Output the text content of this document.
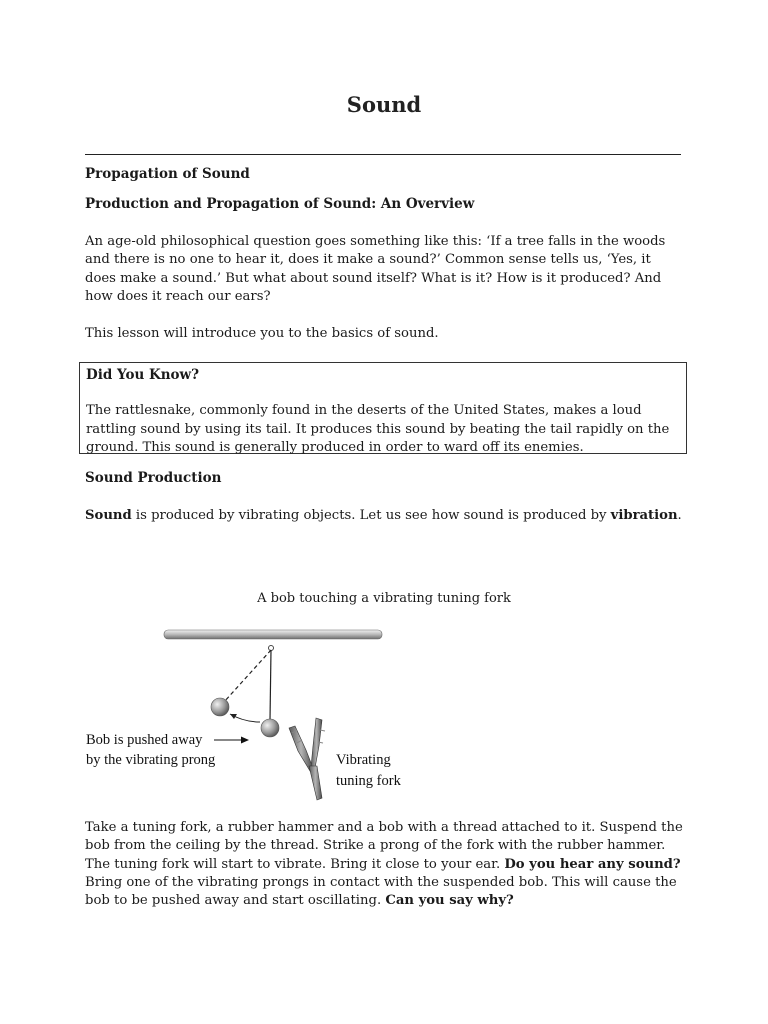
Sound
Propagation of Sound
Production and Propagation of Sound: An Overview

An age-old philosophical question goes something like this: ‘If a tree falls in the woods and there is no one to hear it, does it make a sound?’ Common sense tells us, ‘Yes, it does make a sound.’ But what about sound itself? What is it? How is it produced? And how does it reach our ears?

This lesson will introduce you to the basics of sound.

Did You Know?

The rattlesnake, commonly found in the deserts of the United States, makes a loud rattling sound by using its tail. It produces this sound by beating the tail rapidly on the ground. This sound is generally produced in order to ward off its enemies.

Sound Production

Sound is produced by vibrating objects. Let us see how sound is produced by vibration.

A bob touching a vibrating tuning fork
Bob is pushed away
by the vibrating prong	Vibrating
tuning fork

Take a tuning fork, a rubber hammer and a bob with a thread attached to it. Suspend the bob from the ceiling by the thread. Strike a prong of the fork with the rubber hammer. The tuning fork will start to vibrate. Bring it close to your ear. Do you hear any sound? Bring one of the vibrating prongs in contact with the suspended bob. This will cause the bob to be pushed away and start oscillating. Can you say why?
